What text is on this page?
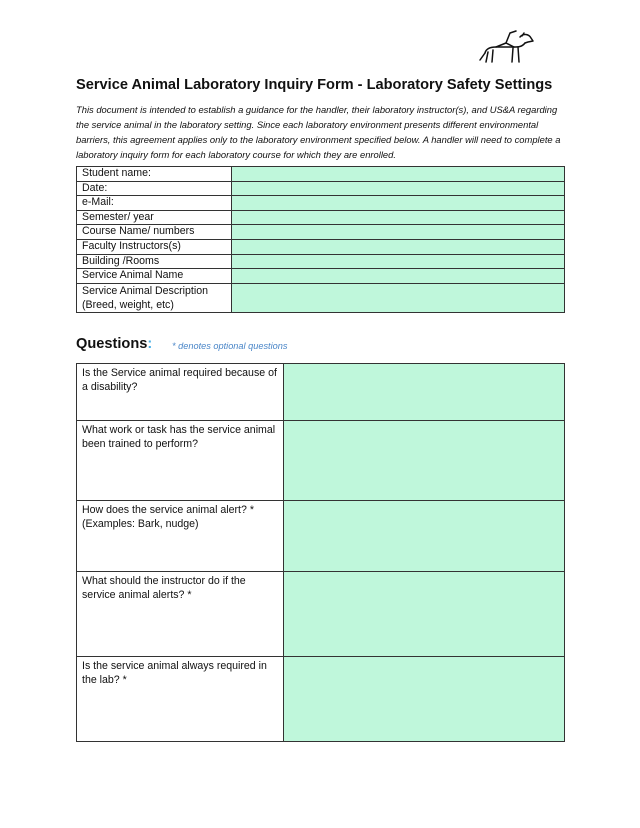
Service Animal Laboratory Inquiry Form - Laboratory Safety Settings

This document is intended to establish a guidance for the handler, their laboratory instructor(s), and US&A regarding the service animal in the laboratory setting. Since each laboratory environment presents different environmental barriers, this agreement applies only to the laboratory environment specified below. A handler will need to complete a laboratory inquiry form for each laboratory course for which they are enrolled.

Student name:	
Date:	
e-Mail:	
Semester/ year	
Course Name/ numbers	
Faculty Instructors(s)	
Building /Rooms	
Service Animal Name	
Service Animal Description (Breed, weight, etc)	
Questions: * denotes optional questions
Is the Service animal required because of a disability?	
What work or task has the service animal been trained to perform?	
How does the service animal alert? * (Examples: Bark, nudge)	
What should the instructor do if the service animal alerts? *	
Is the service animal always required in the lab? *	
